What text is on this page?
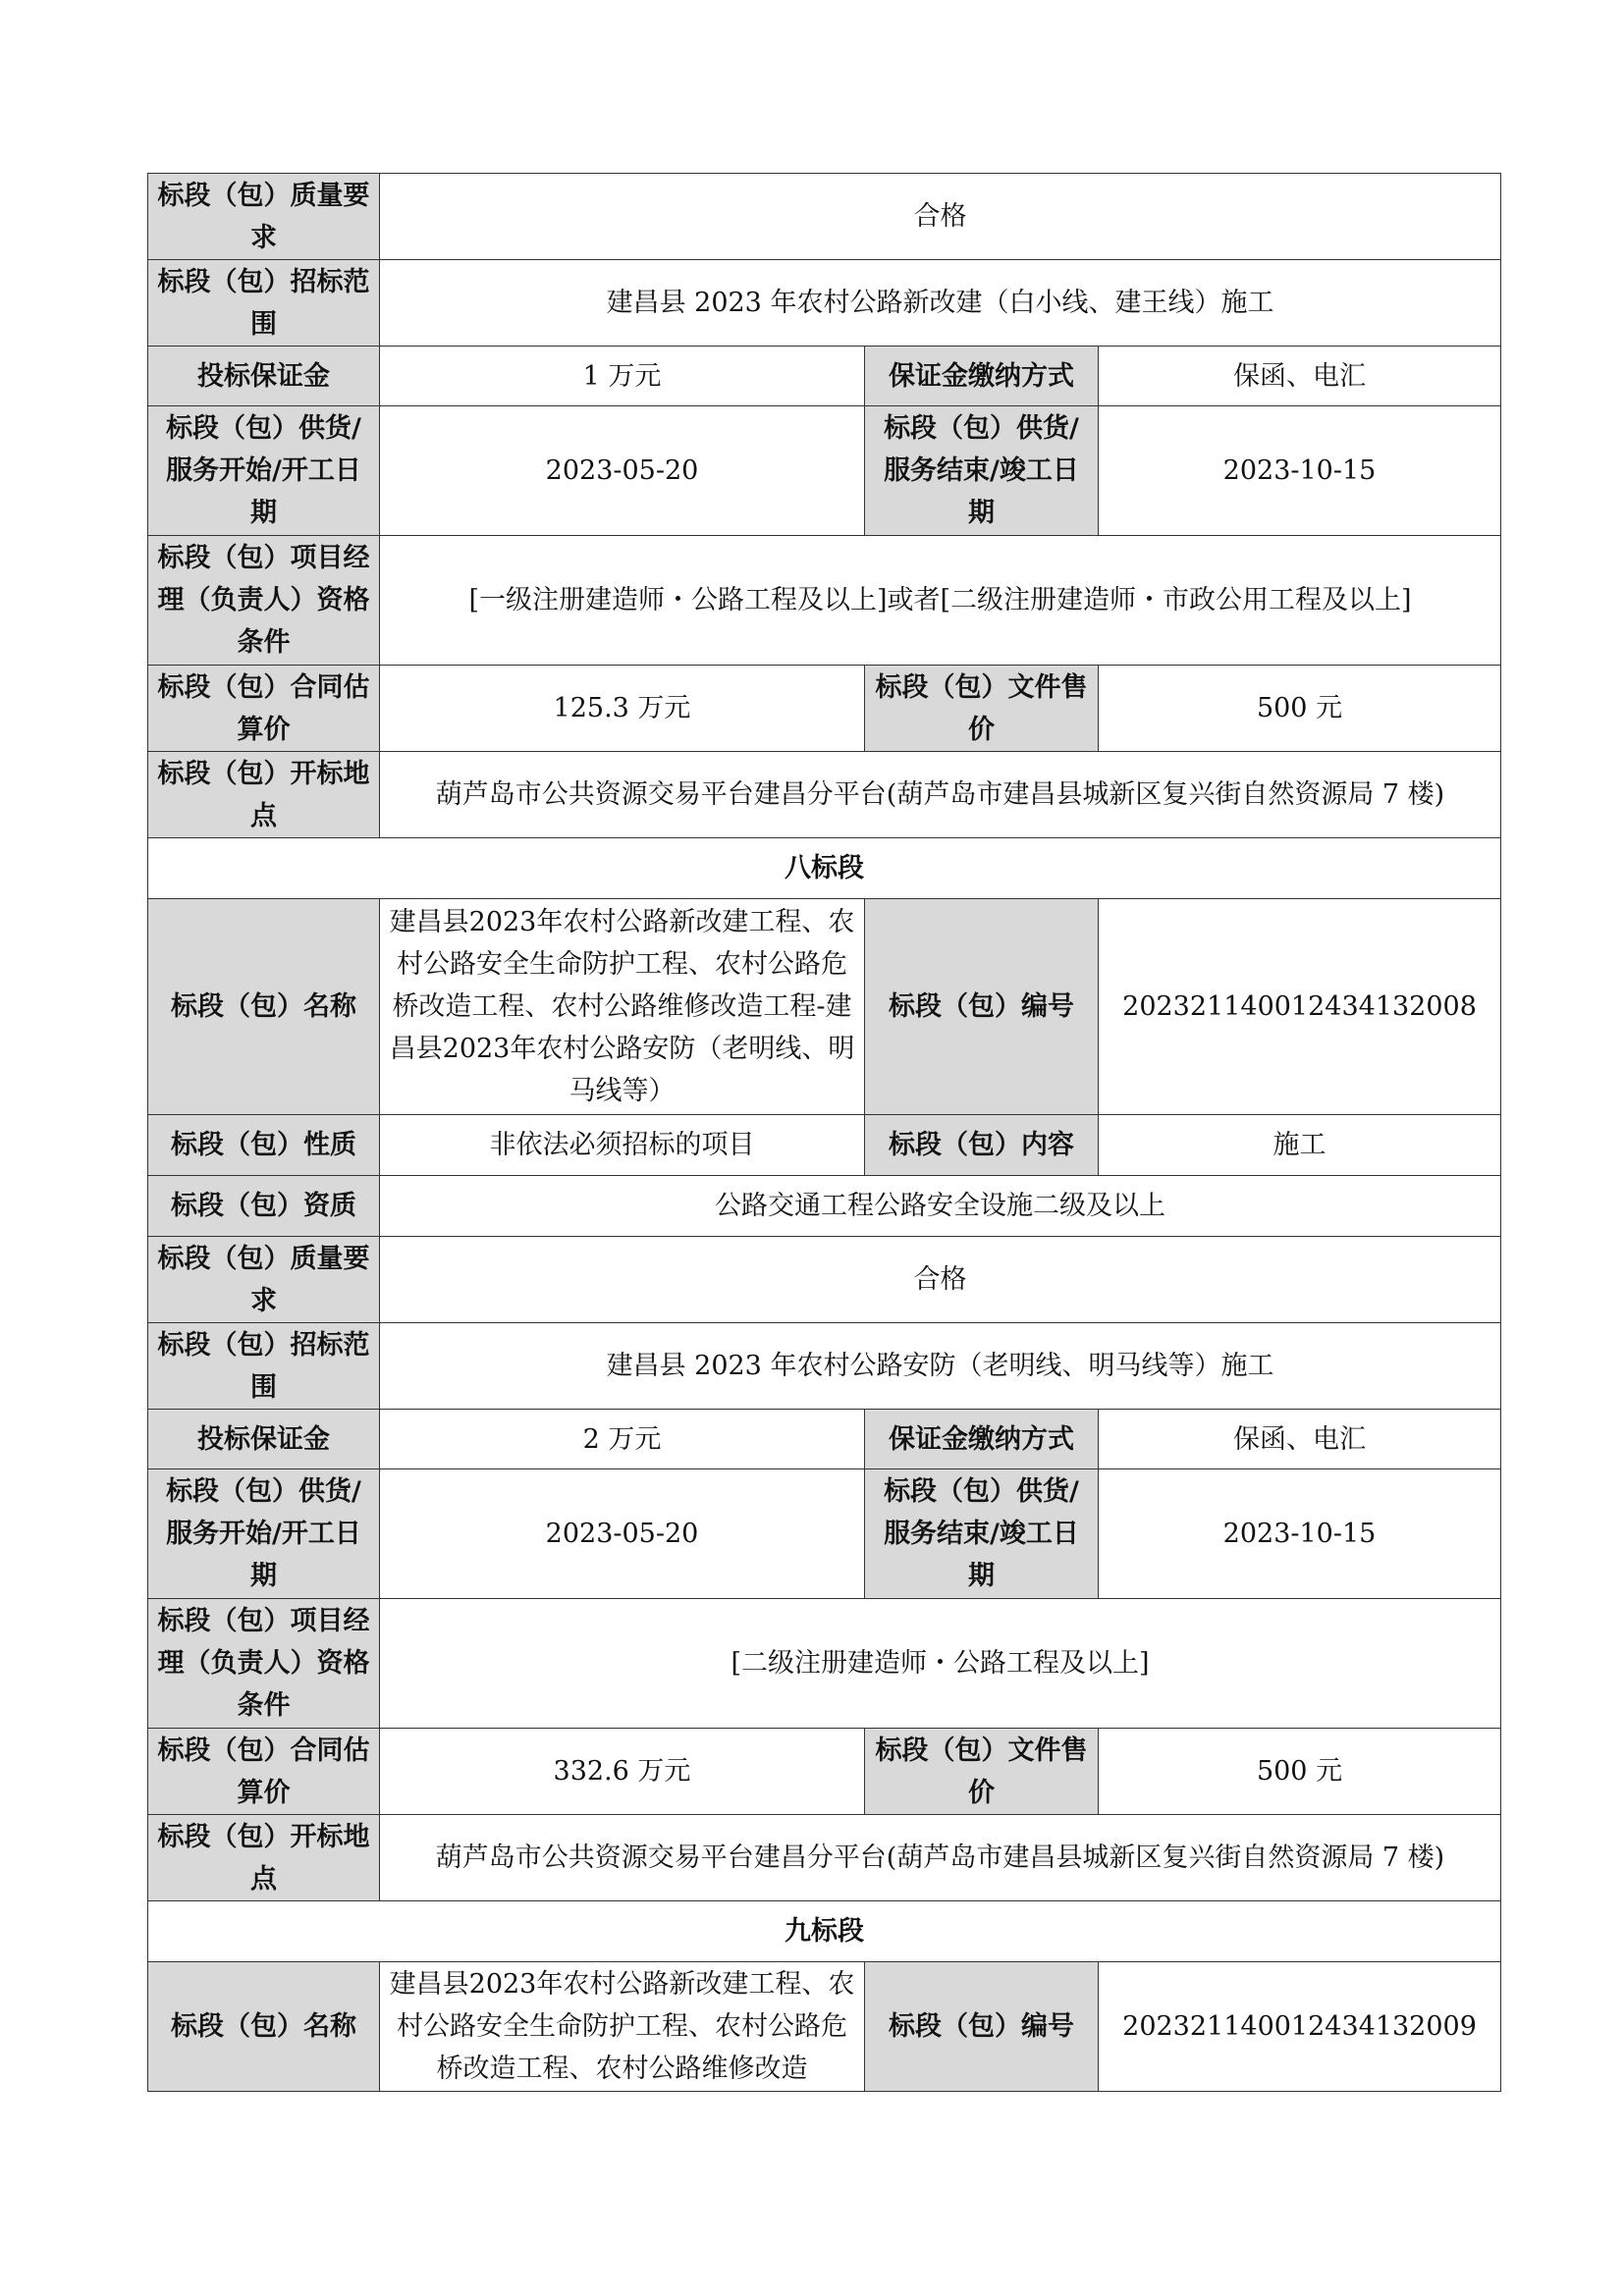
标段（包）质量要求	合格		
标段（包）招标范围	建昌县 2023 年农村公路新改建（白小线、建王线）施工		
投标保证金	1 万元	保证金缴纳方式	保函、电汇
标段（包）供货/服务开始/开工日期	2023-05-20	标段（包）供货/服务结束/竣工日期	2023-10-15
标段（包）项目经理（负责人）资格条件	[一级注册建造师・公路工程及以上]或者[二级注册建造师・市政公用工程及以上]		
标段（包）合同估算价	125.3 万元	标段（包）文件售价	500 元
标段（包）开标地点	葫芦岛市公共资源交易平台建昌分平台(葫芦岛市建昌县城新区复兴街自然资源局 7 楼)		
八标段			
标段（包）名称	建昌县2023年农村公路新改建工程、农村公路安全生命防护工程、农村公路危桥改造工程、农村公路维修改造工程-建昌县2023年农村公路安防（老明线、明马线等）	标段（包）编号	202321140012434132008
标段（包）性质	非依法必须招标的项目	标段（包）内容	施工
标段（包）资质	公路交通工程公路安全设施二级及以上		
标段（包）质量要求	合格		
标段（包）招标范围	建昌县 2023 年农村公路安防（老明线、明马线等）施工		
投标保证金	2 万元	保证金缴纳方式	保函、电汇
标段（包）供货/服务开始/开工日期	2023-05-20	标段（包）供货/服务结束/竣工日期	2023-10-15
标段（包）项目经理（负责人）资格条件	[二级注册建造师・公路工程及以上]		
标段（包）合同估算价	332.6 万元	标段（包）文件售价	500 元
标段（包）开标地点	葫芦岛市公共资源交易平台建昌分平台(葫芦岛市建昌县城新区复兴街自然资源局 7 楼)		
九标段			
标段（包）名称	建昌县2023年农村公路新改建工程、农村公路安全生命防护工程、农村公路危桥改造工程、农村公路维修改造	标段（包）编号	202321140012434132009
